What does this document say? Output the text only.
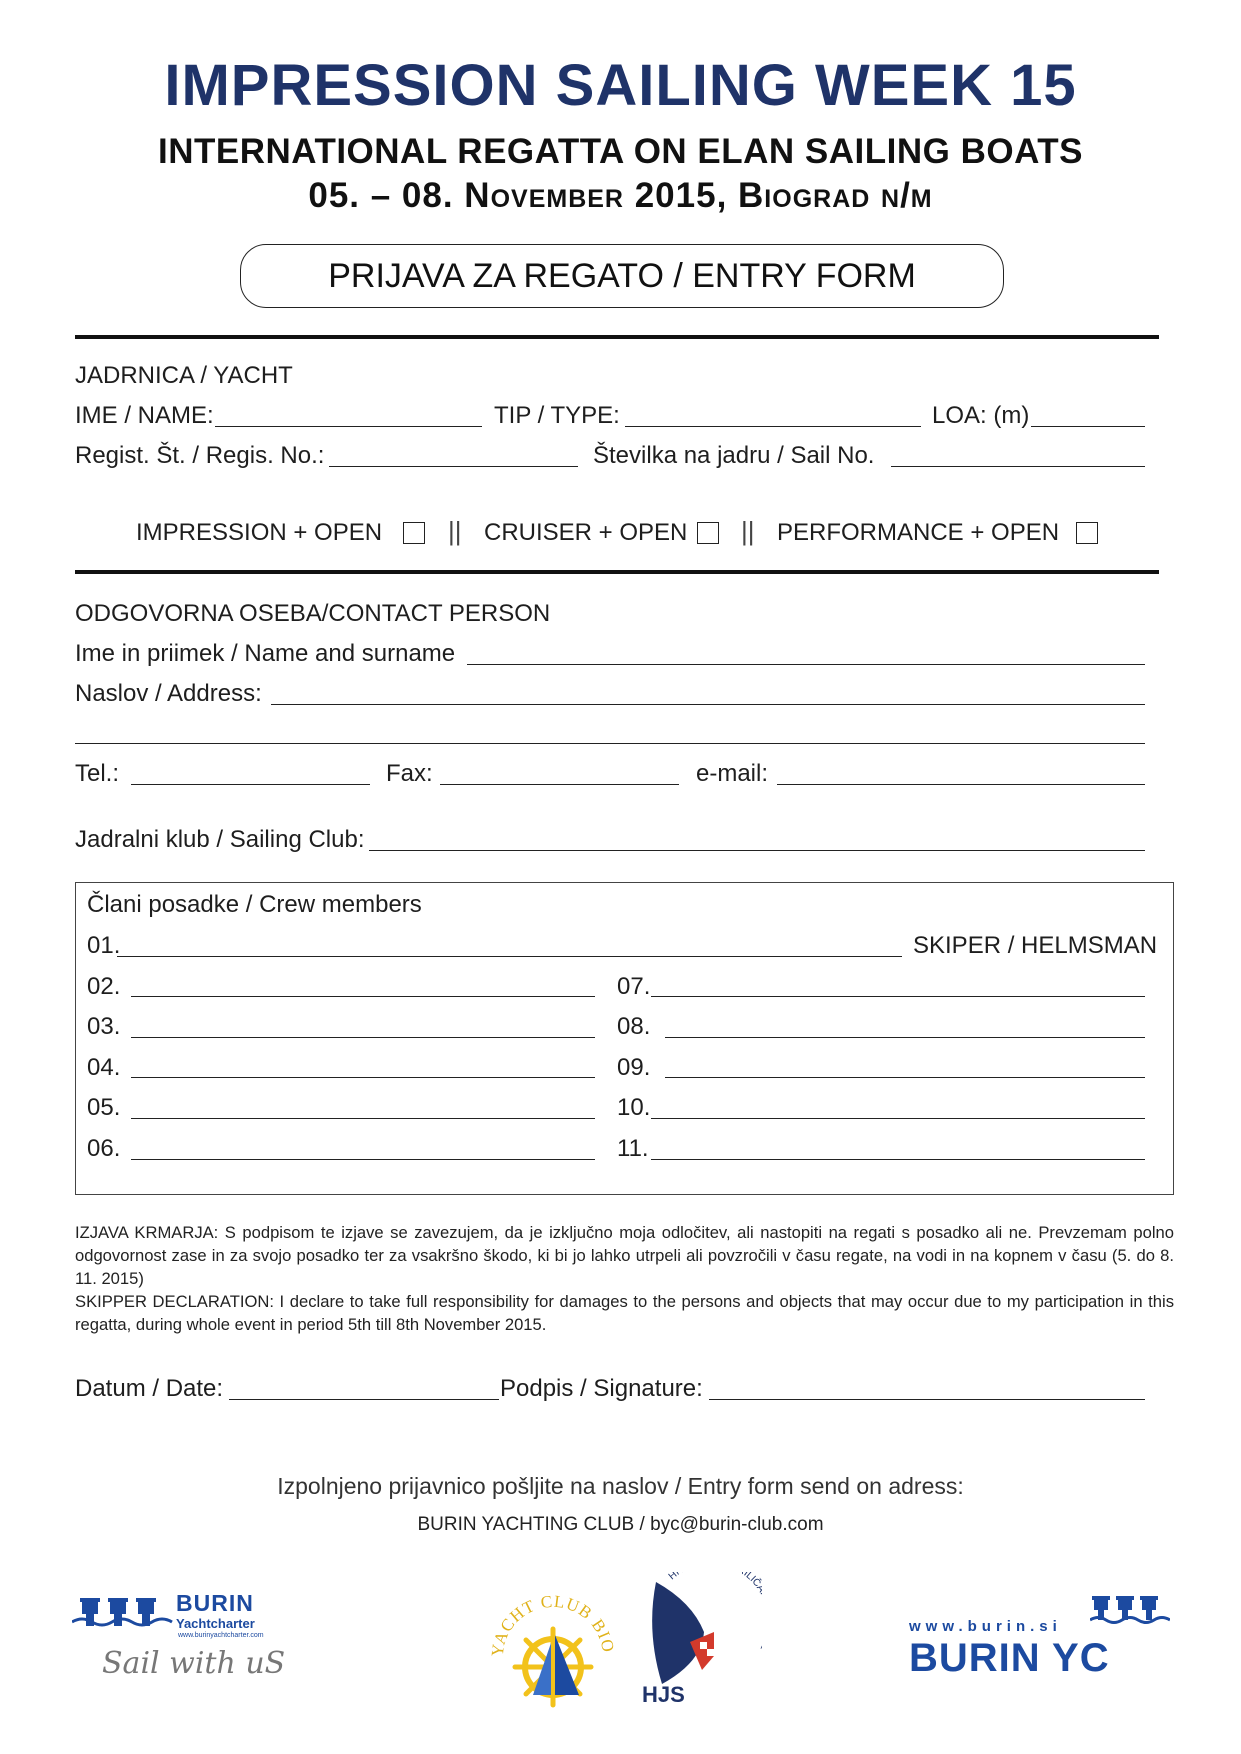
IMPRESSION SAILING WEEK 15
INTERNATIONAL REGATTA ON ELAN SAILING BOATS
05. – 08. November 2015, Biograd n/m
PRIJAVA ZA REGATO / ENTRY FORM
JADRNICA / YACHT
IME / NAME:	TIP / TYPE:	LOA: (m)
Regist. Št. / Regis. No.:	Številka na jadru / Sail No.
IMPRESSION + OPEN	|| CRUISER + OPEN || PERFORMANCE + OPEN
ODGOVORNA OSEBA/CONTACT PERSON
Ime in priimek / Name and surname
Naslov / Address:
Tel.:	Fax:	e-mail:
Jadralni klub / Sailing Club:
Člani posadke / Crew members
01.	SKIPER / HELMSMAN
02.	07.
03.	08.
04.	09.
05.	10.
06.	11.
IZJAVA KRMARJA: S podpisom te izjave se zavezujem, da je izključno moja odločitev, ali nastopiti na regati s posadko ali ne. Prevzemam polno odgovornost zase in za svojo posadko ter za vsakršno škodo, ki bi jo lahko utrpeli ali povzročili v času regate, na vodi in na kopnem v času (5. do 8. 11. 2015)
SKIPPER DECLARATION: I declare to take full responsibility for damages to the persons and objects that may occur due to my participation in this regatta, during whole event in period 5th till 8th November 2015.
Datum / Date:	Podpis / Signature:
Izpolnjeno prijavnico pošljite na naslov / Entry form send on adress:
BURIN YACHTING CLUB / byc@burin-club.com
BURIN
Yachtcharter
www.burinyachtcharter.com
Sail with uS	YACHT CLUB BIO
H ILIČ
HJS
www.burin.si
BURIN YC
